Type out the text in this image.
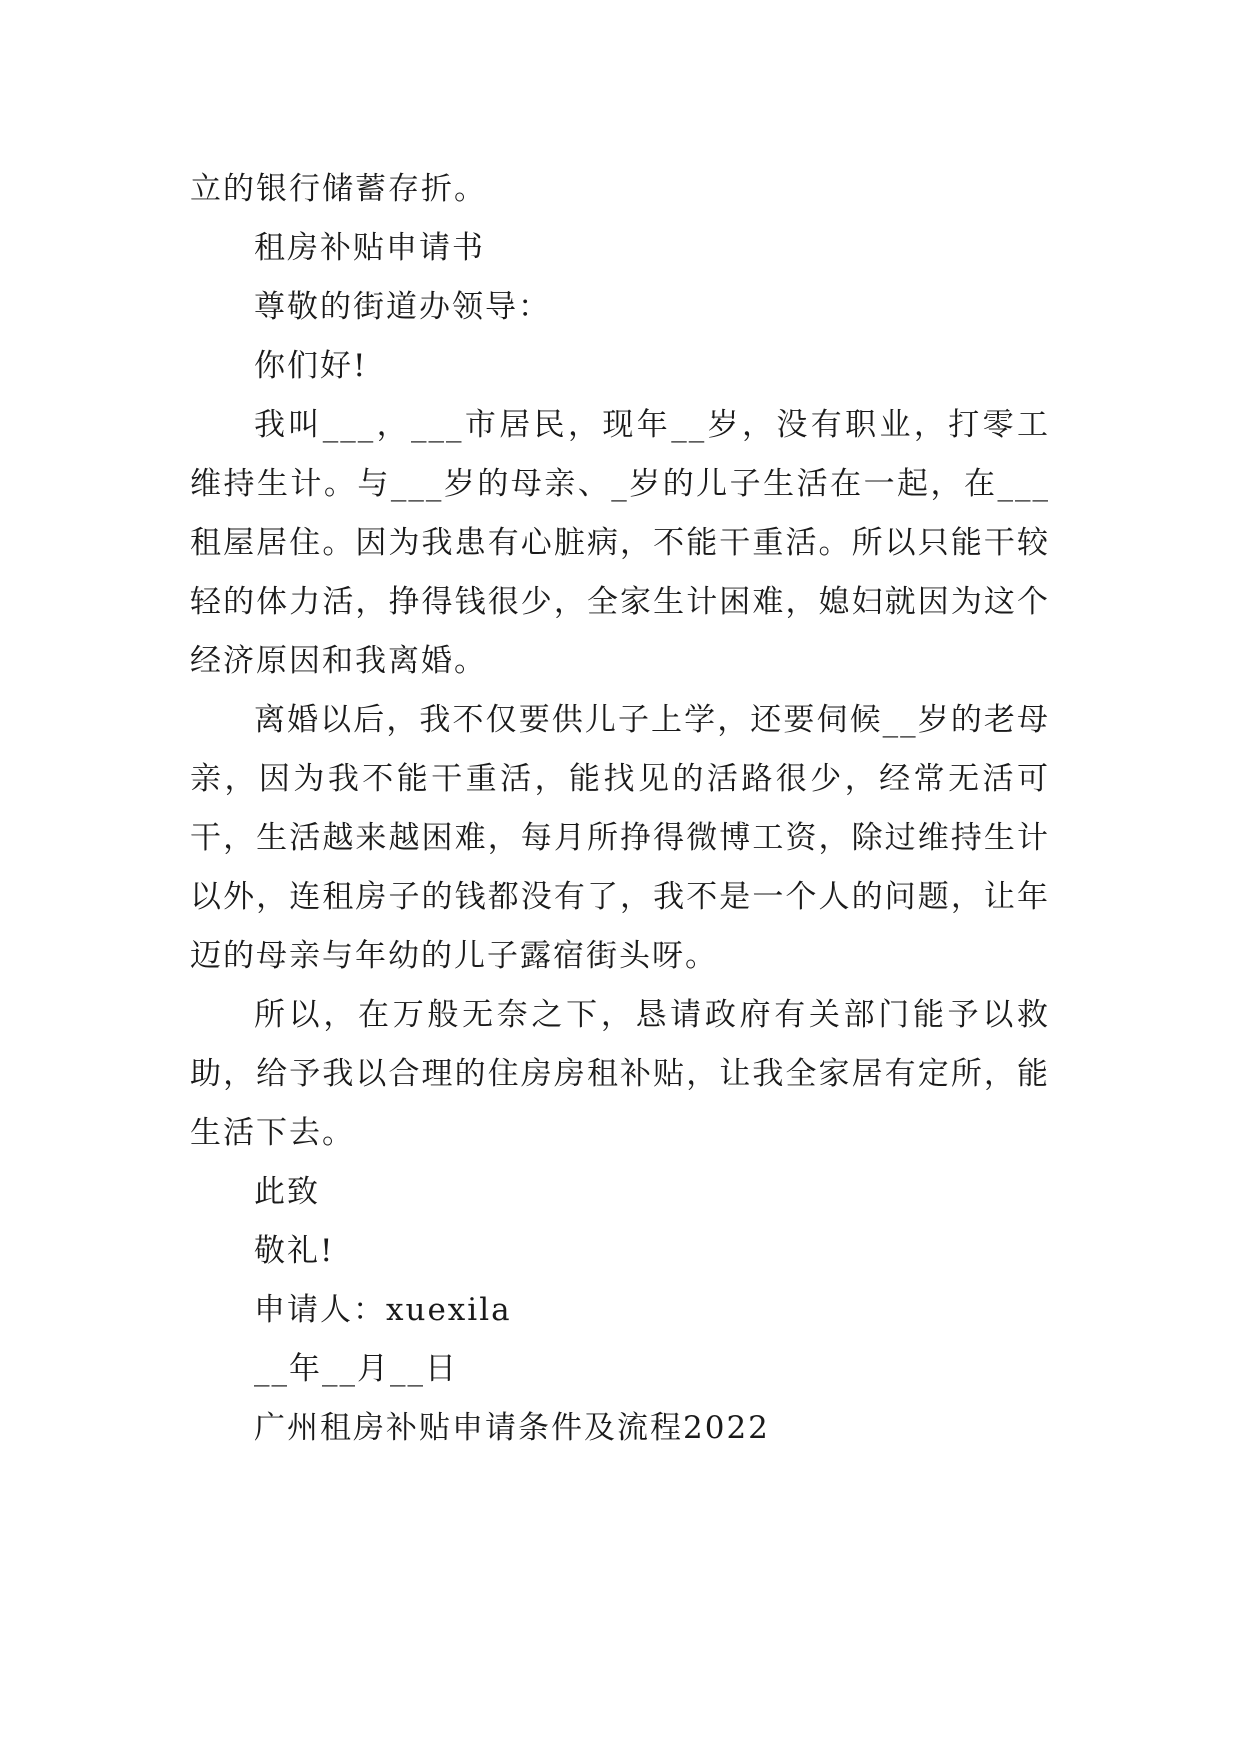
立的银行储蓄存折。
租房补贴申请书
尊敬的街道办领导：
你们好!

我叫___，___市居民，现年__岁，没有职业，打零工维持生计。与___岁的母亲、_岁的儿子生活在一起，在___租屋居住。因为我患有心脏病，不能干重活。所以只能干较轻的体力活，挣得钱很少，全家生计困难，媳妇就因为这个经济原因和我离婚。

离婚以后，我不仅要供儿子上学，还要伺候__岁的老母亲，因为我不能干重活，能找见的活路很少，经常无活可干，生活越来越困难，每月所挣得微博工资，除过维持生计以外，连租房子的钱都没有了，我不是一个人的问题，让年迈的母亲与年幼的儿子露宿街头呀。

所以，在万般无奈之下，恳请政府有关部门能予以救助，给予我以合理的住房房租补贴，让我全家居有定所，能生活下去。

此致
敬礼!
申请人：xuexila
__年__月__日
广州租房补贴申请条件及流程2022
